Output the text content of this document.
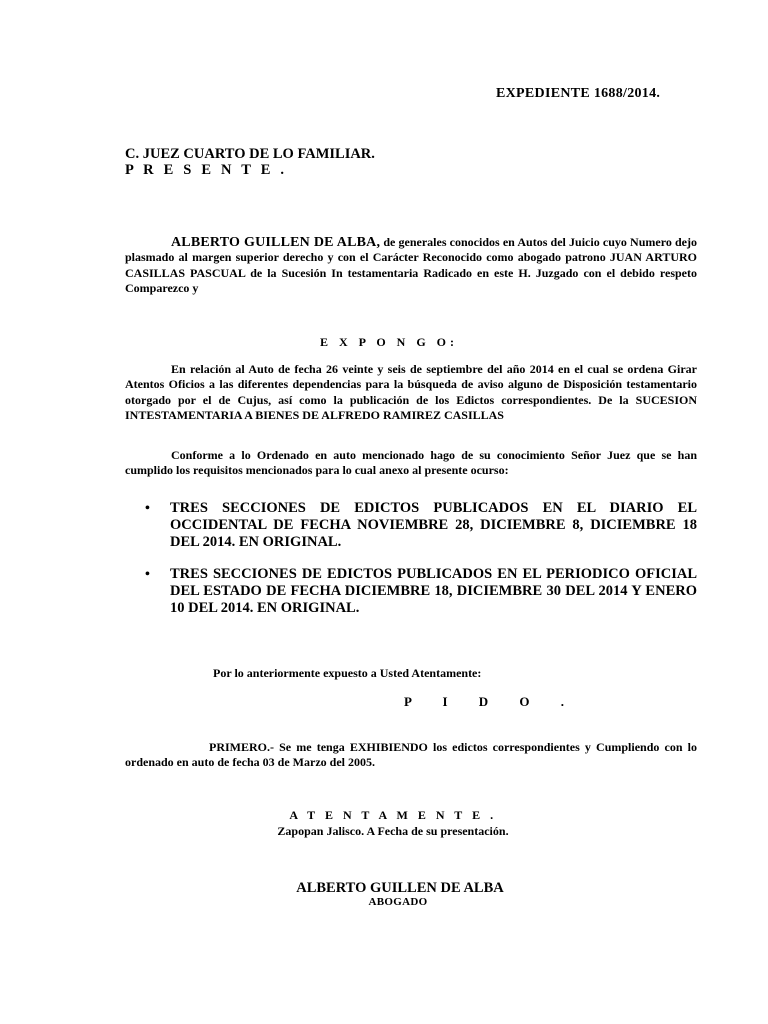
EXPEDIENTE 1688/2014.

C. JUEZ CUARTO DE LO FAMILIAR.
P R E S E N T E .

ALBERTO GUILLEN DE ALBA, de generales conocidos en Autos del Juicio cuyo Numero dejo plasmado al margen superior derecho y con el Carácter Reconocido como abogado patrono JUAN ARTURO CASILLAS PASCUAL de la Sucesión In testamentaria Radicado en este H. Juzgado con el debido respeto Comparezco y

E X P O N G O:

En relación al Auto de fecha 26 veinte y seis de septiembre del año 2014 en el cual se ordena Girar Atentos Oficios a las diferentes dependencias para la búsqueda de aviso alguno de Disposición testamentario otorgado por el de Cujus, así como la publicación de los Edictos correspondientes. De la SUCESION INTESTAMENTARIA A BIENES DE ALFREDO RAMIREZ CASILLAS

Conforme a lo Ordenado en auto mencionado hago de su conocimiento Señor Juez que se han cumplido los requisitos mencionados para lo cual anexo al presente ocurso:

• TRES SECCIONES DE EDICTOS PUBLICADOS EN EL DIARIO EL OCCIDENTAL DE FECHA NOVIEMBRE 28, DICIEMBRE 8, DICIEMBRE 18 DEL 2014. EN ORIGINAL.
• TRES SECCIONES DE EDICTOS PUBLICADOS EN EL PERIODICO OFICIAL DEL ESTADO DE FECHA DICIEMBRE 18, DICIEMBRE 30 DEL 2014 Y ENERO 10 DEL 2014. EN ORIGINAL.

Por lo anteriormente expuesto a Usted Atentamente:

P I D O .

PRIMERO.- Se me tenga EXHIBIENDO los edictos correspondientes y Cumpliendo con lo ordenado en auto de fecha 03 de Marzo del 2005.

A T E N T A M E N T E .

Zapopan Jalisco. A Fecha de su presentación.

ALBERTO GUILLEN DE ALBA

ABOGADO
